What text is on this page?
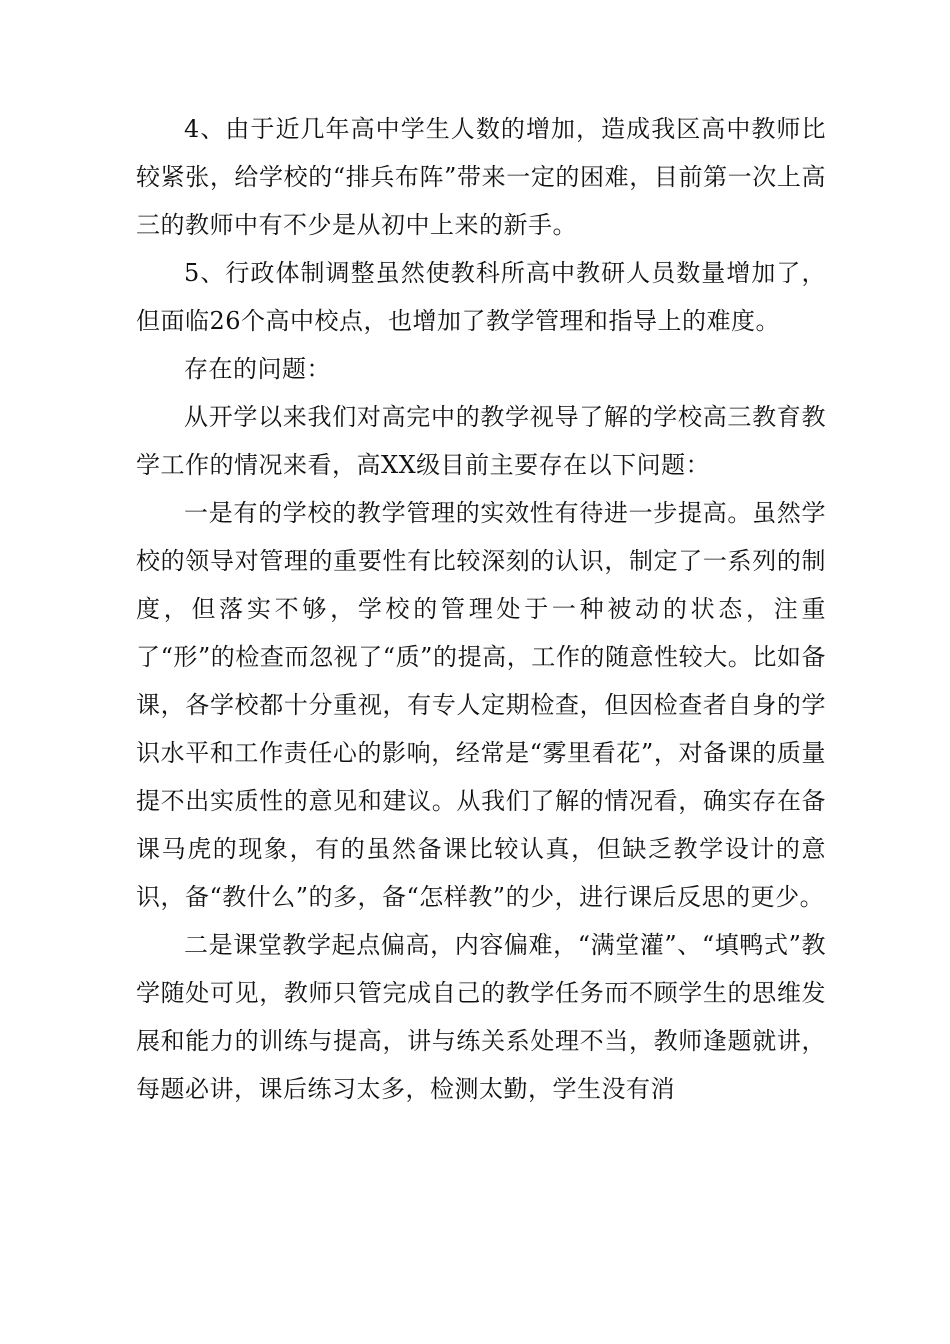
4、由于近几年高中学生人数的增加，造成我区高中教师比较紧张，给学校的“排兵布阵”带来一定的困难，目前第一次上高三的教师中有不少是从初中上来的新手。

5、行政体制调整虽然使教科所高中教研人员数量增加了，但面临26个高中校点，也增加了教学管理和指导上的难度。

存在的问题：

从开学以来我们对高完中的教学视导了解的学校高三教育教学工作的情况来看，高XX级目前主要存在以下问题：

一是有的学校的教学管理的实效性有待进一步提高。虽然学校的领导对管理的重要性有比较深刻的认识，制定了一系列的制度，但落实不够，学校的管理处于一种被动的状态，注重了“形”的检查而忽视了“质”的提高，工作的随意性较大。比如备课，各学校都十分重视，有专人定期检查，但因检查者自身的学识水平和工作责任心的影响，经常是“雾里看花”，对备课的质量提不出实质性的意见和建议。从我们了解的情况看，确实存在备课马虎的现象，有的虽然备课比较认真，但缺乏教学设计的意识，备“教什么”的多，备“怎样教”的少，进行课后反思的更少。

二是课堂教学起点偏高，内容偏难，“满堂灌”、“填鸭式”教学随处可见，教师只管完成自己的教学任务而不顾学生的思维发展和能力的训练与提高，讲与练关系处理不当，教师逢题就讲，每题必讲，课后练习太多，检测太勤，学生没有消
